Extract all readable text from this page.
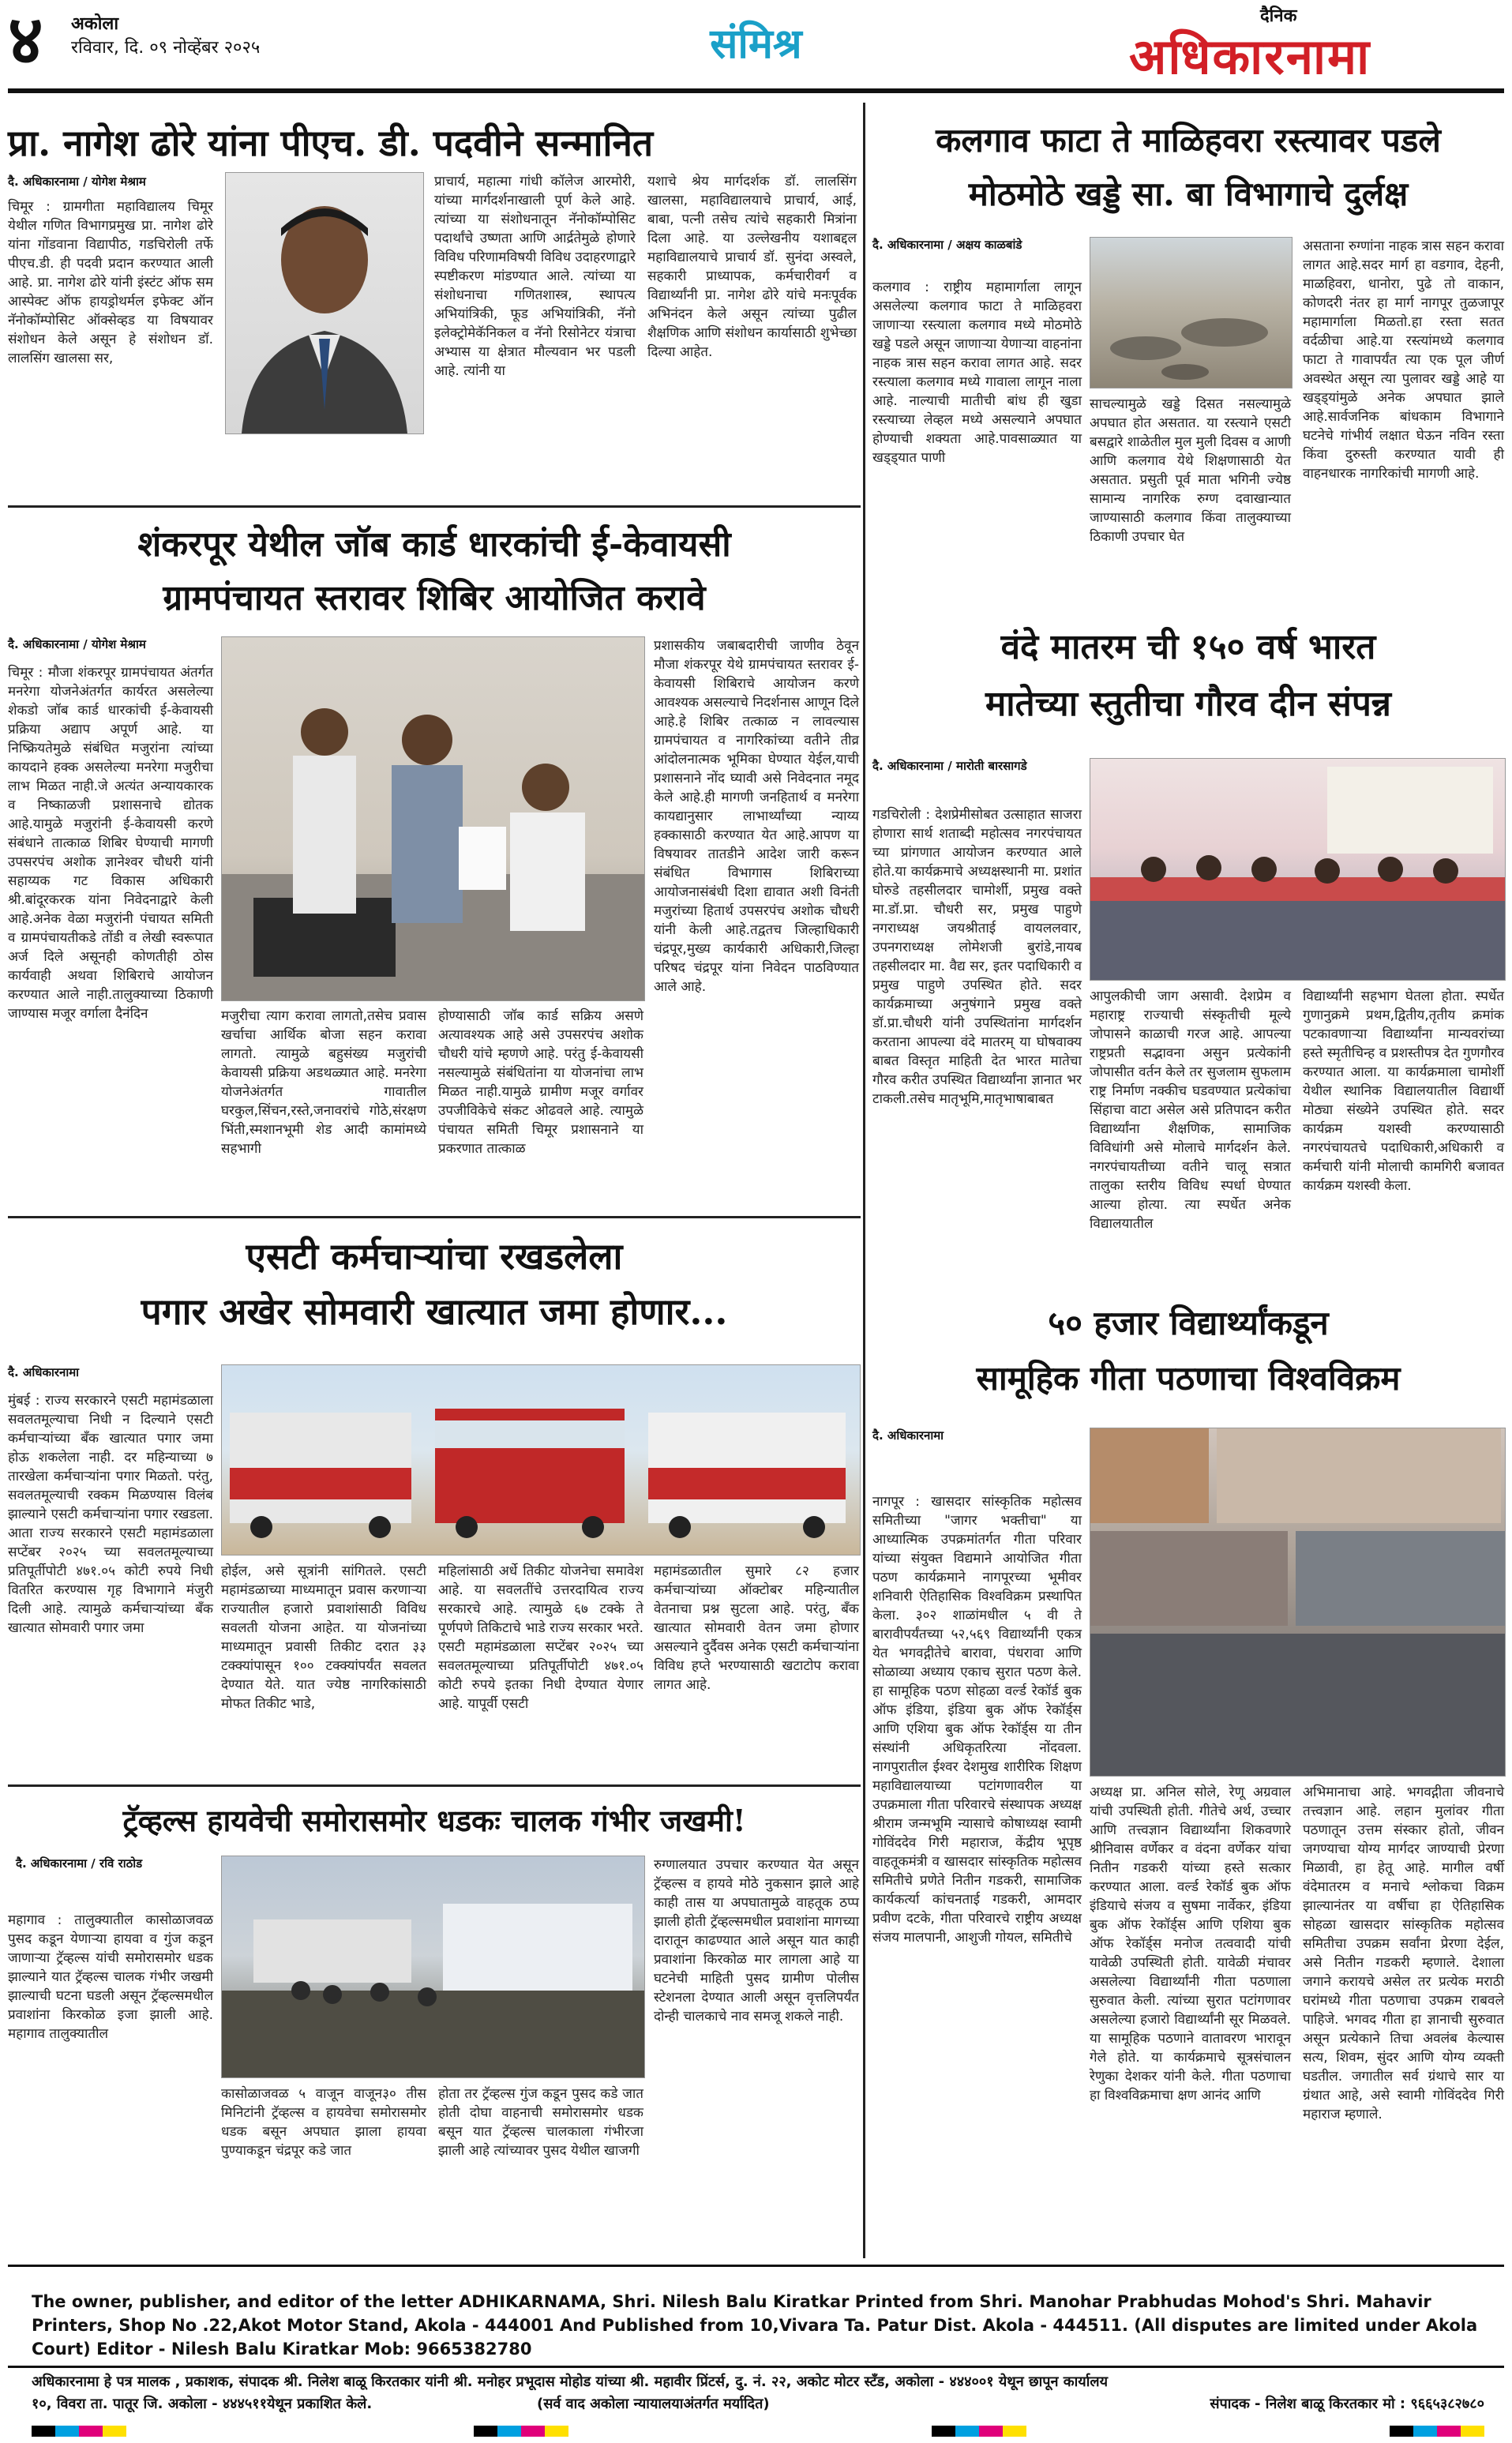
४ अकोला
रविवार, दि. ०९ नोव्हेंबर २०२५	संमिश्र
दैनिक
अधिकारनामा
प्रा. नागेश ढोरे यांना पीएच. डी. पदवीने सन्मानित
दै. अधिकारनामा / योगेश मेश्राम
चिमूर : ग्रामगीता महाविद्यालय चिमूर येथील गणित विभागप्रमुख प्रा. नागेश ढोरे यांना गोंडवाना विद्यापीठ, गडचिरोली तर्फे पीएच.डी. ही पदवी प्रदान करण्यात आली आहे. प्रा. नागेश ढोरे यांनी इंस्टंट ऑफ सम आस्पेक्ट ऑफ हायड्रोथर्मल इफेक्ट ऑन नॅनोकॉम्पोसिट ऑक्सेव्हड या विषयावर संशोधन केले असून हे संशोधन डॉ. लालसिंग खालसा सर,
प्राचार्य, महात्मा गांधी कॉलेज आरमोरी, यांच्या मार्गदर्शनाखाली पूर्ण केले आहे. त्यांच्या या संशोधनातून नॅनोकॉम्पोसिट पदार्थांचे उष्णता आणि आर्द्रतेमुळे होणारे विविध परिणामविषयी विविध उदाहरणाद्वारे स्पष्टीकरण मांडण्यात आले. त्यांच्या या संशोधनाचा गणितशास्त्र, स्थापत्य अभियांत्रिकी, फूड अभियांत्रिकी, नॅनो इलेक्ट्रोमेकॅनिकल व नॅनो रिसोनेटर यंत्राचा अभ्यास या क्षेत्रात मौल्यवान भर पडली आहे. त्यांनी या
यशाचे श्रेय मार्गदर्शक डॉ. लालसिंग खालसा, महाविद्यालयाचे प्राचार्य, आई, बाबा, पत्नी तसेच त्यांचे सहकारी मित्रांना दिला आहे. या उल्लेखनीय यशाबद्दल महाविद्यालयाचे प्राचार्य डॉ. सुनंदा अस्वले, सहकारी प्राध्यापक, कर्मचारीवर्ग व विद्यार्थ्यांनी प्रा. नागेश ढोरे यांचे मनःपूर्वक अभिनंदन केले असून त्यांच्या पुढील शैक्षणिक आणि संशोधन कार्यासाठी शुभेच्छा दिल्या आहेत.
कलगाव फाटा ते माळिहवरा रस्त्यावर पडले
मोठमोठे खड्डे सा. बा विभागाचे दुर्लक्ष
दै. अधिकारनामा / अक्षय काळबांडे
कलगाव : राष्ट्रीय महामार्गाला लागून असलेल्या कलगाव फाटा ते माळिहवरा जाणाऱ्या रस्त्याला कलगाव मध्ये मोठमोठे खड्डे पडले असून जाणाऱ्या येणाऱ्या वाहनांना नाहक त्रास सहन करावा लागत आहे. सदर रस्त्याला कलगाव मध्ये गावाला लागून नाला आहे. नाल्याची मातीची बांध ही खुडा रस्त्याच्या लेव्हल मध्ये असल्याने अपघात होण्याची शक्यता आहे.पावसाळ्यात या खड्ड्यात पाणी
साचल्यामुळे खड्डे दिसत नसल्यामुळे अपघात होत असतात. या रस्त्याने एसटी बसद्वारे शाळेतील मुल मुली दिवस व आणी आणि कलगाव येथे शिक्षणासाठी येत असतात. प्रसुती पूर्व माता भगिनी ज्येष्ठ सामान्य नागरिक रुग्ण दवाखान्यात जाण्यासाठी कलगाव किंवा तालुक्याच्या ठिकाणी उपचार घेत
असताना रुग्णांना नाहक त्रास सहन करावा लागत आहे.सदर मार्ग हा वडगाव, देहनी, माळहिवरा, धानोरा, पुढे तो वाकान, कोणदरी नंतर हा मार्ग नागपूर तुळजापूर महामार्गाला मिळतो.हा रस्ता सतत वर्दळीचा आहे.या रस्त्यांमध्ये कलगाव फाटा ते गावापर्यंत त्या एक पूल जीर्ण अवस्थेत असून त्या पुलावर खड्डे आहे या खड्ड्यांमुळे अनेक अपघात झाले आहे.सार्वजनिक बांधकाम विभागाने घटनेचे गांभीर्य लक्षात घेऊन नविन रस्ता किंवा दुरुस्ती करण्यात यावी ही वाहनधारक नागरिकांची मागणी आहे.
शंकरपूर येथील जॉब कार्ड धारकांची ई-केवायसी
ग्रामपंचायत स्तरावर शिबिर आयोजित करावे
दै. अधिकारनामा / योगेश मेश्राम
चिमूर : मौजा शंकरपूर ग्रामपंचायत अंतर्गत मनरेगा योजनेअंतर्गत कार्यरत असलेल्या शेकडो जॉब कार्ड धारकांची ई-केवायसी प्रक्रिया अद्याप अपूर्ण आहे. या निष्क्रियतेमुळे संबंधित मजुरांना त्यांच्या कायदाने हक्क असलेल्या मनरेगा मजुरीचा लाभ मिळत नाही.जे अत्यंत अन्यायकारक व निष्काळजी प्रशासनाचे द्योतक आहे.यामुळे मजुरांनी ई-केवायसी करणे संबंधाने तात्काळ शिबिर घेण्याची मागणी उपसरपंच अशोक ज्ञानेश्वर चौधरी यांनी सहाय्यक गट विकास अधिकारी श्री.बांदूरकरक यांना निवेदनाद्वारे केली आहे.अनेक वेळा मजुरांनी पंचायत समिती व ग्रामपंचायतीकडे तोंडी व लेखी स्वरूपात अर्ज दिले असूनही कोणतीही ठोस कार्यवाही अथवा शिबिराचे आयोजन करण्यात आले नाही.तालुक्याच्या ठिकाणी जाण्यास मजूर वर्गाला दैनंदिन	मजुरीचा त्याग करावा लागतो,तसेच प्रवास खर्चाचा आर्थिक बोजा सहन करावा लागतो. त्यामुळे बहुसंख्य मजुरांची केवायसी प्रक्रिया अडथळ्यात आहे. मनरेगा योजनेअंतर्गत गावातील घरकुल,सिंचन,रस्ते,जनावरांचे गोठे,संरक्षण भिंती,स्मशानभूमी शेड आदी कामांमध्ये सहभागी
होण्यासाठी जॉब कार्ड सक्रिय असणे अत्यावश्यक आहे असे उपसरपंच अशोक चौधरी यांचे म्हणणे आहे. परंतु ई-केवायसी नसल्यामुळे संबंधितांना या योजनांचा लाभ मिळत नाही.यामुळे ग्रामीण मजूर वर्गावर उपजीविकेचे संकट ओढवले आहे. त्यामुळे पंचायत समिती चिमूर प्रशासनाने या प्रकरणात तात्काळ
प्रशासकीय जबाबदारीची जाणीव ठेवून मौजा शंकरपूर येथे ग्रामपंचायत स्तरावर ई-केवायसी शिबिराचे आयोजन करणे आवश्यक असल्याचे निदर्शनास आणून दिले आहे.हे शिबिर तत्काळ न लावल्यास ग्रामपंचायत व नागरिकांच्या वतीने तीव्र आंदोलनात्मक भूमिका घेण्यात येईल,याची प्रशासनाने नोंद घ्यावी असे निवेदनात नमूद केले आहे.ही मागणी जनहितार्थ व मनरेगा कायद्यानुसार लाभार्थ्यांच्या न्याय्य हक्कासाठी करण्यात येत आहे.आपण या विषयावर तातडीने आदेश जारी करून संबंधित विभागास शिबिराच्या आयोजनासंबंधी दिशा द्यावात अशी विनंती मजुरांच्या हितार्थ उपसरपंच अशोक चौधरी यांनी केली आहे.तद्वतच जिल्हाधिकारी चंद्रपूर,मुख्य कार्यकारी अधिकारी,जिल्हा परिषद चंद्रपूर यांना निवेदन पाठविण्यात आले आहे.
वंदे मातरम ची १५० वर्ष भारत
मातेच्या स्तुतीचा गौरव दीन संपन्न
दै. अधिकारनामा / मारोती बारसागडे
गडचिरोली : देशप्रेमीसोबत उत्साहात साजरा होणारा सार्थ शताब्दी महोत्सव नगरपंचायत च्या प्रांगणात आयोजन करण्यात आले होते.या कार्यक्रमाचे अध्यक्षस्थानी मा. प्रशांत घोरुडे तहसीलदार चामोर्शी, प्रमुख वक्ते मा.डॉ.प्रा. चौधरी सर, प्रमुख पाहुणे नगराध्यक्ष जयश्रीताई वायललवार, उपनगराध्यक्ष लोमेशजी बुरांडे,नायब तहसीलदार मा. वैद्य सर, इतर पदाधिकारी व प्रमुख पाहुणे उपस्थित होते. सदर कार्यक्रमाच्या अनुषंगाने प्रमुख वक्ते डॉ.प्रा.चौधरी यांनी उपस्थितांना मार्गदर्शन करताना आपल्या वंदे मातरम् या घोषवाक्य बाबत विस्तृत माहिती देत भारत मातेचा गौरव करीत उपस्थित विद्यार्थ्यांना ज्ञानात भर टाकली.तसेच मातृभूमि,मातृभाषाबाबत
आपुलकीची जाग असावी. देशप्रेम व महाराष्ट्र राज्याची संस्कृतीची मूल्ये जोपासने काळाची गरज आहे. आपल्या राष्ट्रप्रती सद्भावना असुन प्रत्येकांनी जोपासीत वर्तन केले तर सुजलाम सुफलाम राष्ट्र निर्माण नक्कीच घडवण्यात प्रत्येकांचा सिंहाचा वाटा असेल असे प्रतिपादन करीत विद्यार्थ्यांना शैक्षणिक, सामाजिक विविधांगी असे मोलाचे मार्गदर्शन केले. नगरपंचायतीच्या वतीने चालू सत्रात तालुका स्तरीय विविध स्पर्धा घेण्यात आल्या होत्या. त्या स्पर्धेत अनेक विद्यालयातील
विद्यार्थ्यांनी सहभाग घेतला होता. स्पर्धेत गुणानुक्रमे प्रथम,द्वितीय,तृतीय क्रमांक पटकावणाऱ्या विद्यार्थ्यांना मान्यवरांच्या हस्ते स्मृतीचिन्ह व प्रशस्तीपत्र देत गुणगौरव करण्यात आला. या कार्यक्रमाला चामोर्शी येथील स्थानिक विद्यालयातील विद्यार्थी मोठ्या संख्येने उपस्थित होते. सदर कार्यक्रम यशस्वी करण्यासाठी नगरपंचायतचे पदाधिकारी,अधिकारी व कर्मचारी यांनी मोलाची कामगिरी बजावत कार्यक्रम यशस्वी केला.
एसटी कर्मचाऱ्यांचा रखडलेला
पगार अखेर सोमवारी खात्यात जमा होणार...
दै. अधिकारनामा
मुंबई : राज्य सरकारने एसटी महामंडळाला सवलतमूल्याचा निधी न दिल्याने एसटी कर्मचाऱ्यांच्या बँक खात्यात पगार जमा होऊ शकलेला नाही. दर महिन्याच्या ७ तारखेला कर्मचाऱ्यांना पगार मिळतो. परंतु, सवलतमूल्याची रक्कम मिळण्यास विलंब झाल्याने एसटी कर्मचाऱ्यांना पगार रखडला. आता राज्य सरकारने एसटी महामंडळाला सप्टेंबर २०२५ च्या सवलतमूल्याच्या प्रतिपूर्तीपोटी ४७१.०५ कोटी रुपये निधी वितरित करण्यास गृह विभागाने मंजुरी दिली आहे. त्यामुळे कर्मचाऱ्यांच्या बँक खात्यात सोमवारी पगार जमा
होईल, असे सूत्रांनी सांगितले. एसटी महामंडळाच्या माध्यमातून प्रवास करणाऱ्या राज्यातील हजारो प्रवाशांसाठी विविध सवलती योजना आहेत. या योजनांच्या माध्यमातून प्रवासी तिकीट दरात ३३ टक्क्यांपासून १०० टक्क्यांपर्यंत सवलत देण्यात येते. यात ज्येष्ठ नागरिकांसाठी मोफत तिकीट भाडे,
महिलांसाठी अर्धे तिकीट योजनेचा समावेश आहे. या सवलतींचे उत्तरदायित्व राज्य सरकारचे आहे. त्यामुळे ६७ टक्के ते पूर्णपणे तिकिटाचे भाडे राज्य सरकार भरते. एसटी महामंडळाला सप्टेंबर २०२५ च्या सवलतमूल्याच्या प्रतिपूर्तीपोटी ४७१.०५ कोटी रुपये इतका निधी देण्यात येणार आहे. यापूर्वी एसटी
महामंडळातील सुमारे ८२ हजार कर्मचाऱ्यांच्या ऑक्टोबर महिन्यातील वेतनाचा प्रश्न सुटला आहे. परंतु, बँक खात्यात सोमवारी वेतन जमा होणार असल्याने दुर्दैवस अनेक एसटी कर्मचाऱ्यांना विविध हप्ते भरण्यासाठी खटाटोप करावा लागत आहे.
५० हजार विद्यार्थ्यांकडून
सामूहिक गीता पठणाचा विश्वविक्रम
दै. अधिकारनामा
नागपूर : खासदार सांस्कृतिक महोत्सव समितीच्या "जागर भक्तीचा" या आध्यात्मिक उपक्रमांतर्गत गीता परिवार यांच्या संयुक्त विद्यमाने आयोजित गीता पठण कार्यक्रमाने नागपूरच्या भूमीवर शनिवारी ऐतिहासिक विश्वविक्रम प्रस्थापित केला. ३०२ शाळांमधील ५ वी ते बारावीपर्यंतच्या ५२,५६९ विद्यार्थ्यांनी एकत्र येत भगवद्गीतेचे बारावा, पंधरावा आणि सोळाव्या अध्याय एकाच सुरात पठण केले. हा सामूहिक पठण सोहळा वर्ल्ड रेकॉर्ड बुक ऑफ इंडिया, इंडिया बुक ऑफ रेकॉर्ड्स आणि एशिया बुक ऑफ रेकॉर्ड्स या तीन संस्थांनी अधिकृतरित्या नोंदवला. नागपुरातील ईश्वर देशमुख शारीरिक शिक्षण महाविद्यालयाच्या पटांगणावरील या उपक्रमाला गीता परिवारचे संस्थापक अध्यक्ष श्रीराम जन्मभूमि न्यासाचे कोषाध्यक्ष स्वामी गोविंददेव गिरी महाराज, केंद्रीय भूपृष्ठ वाहतूकमंत्री व खासदार सांस्कृतिक महोत्सव समितीचे प्रणेते नितीन गडकरी, सामाजिक कार्यकर्त्या कांचनताई गडकरी, आमदार प्रवीण दटके, गीता परिवारचे राष्ट्रीय अध्यक्ष संजय मालपानी, आशुजी गोयल, समितीचे
अध्यक्ष प्रा. अनिल सोले, रेणू अग्रवाल यांची उपस्थिती होती. गीतेचे अर्थ, उच्चार आणि तत्त्वज्ञान विद्यार्थ्यांना शिकवणारे श्रीनिवास वर्णेकर व वंदना वर्णेकर यांचा नितीन गडकरी यांच्या हस्ते सत्कार करण्यात आला. वर्ल्ड रेकॉर्ड बुक ऑफ इंडियाचे संजय व सुषमा नार्वेकर, इंडिया बुक ऑफ रेकॉर्ड्स आणि एशिया बुक ऑफ रेकॉर्ड्स मनोज तत्ववादी यांची यावेळी उपस्थिती होती. यावेळी मंचावर असलेल्या विद्यार्थ्यांनी गीता पठणाला सुरुवात केली. त्यांच्या सुरात पटांगणावर असलेल्या हजारो विद्यार्थ्यांनी सूर मिळवले. या सामूहिक पठणाने वातावरण भारावून गेले होते. या कार्यक्रमाचे सूत्रसंचालन रेणुका देशकर यांनी केले. गीता पठणाचा हा विश्वविक्रमाचा क्षण आनंद आणि
अभिमानाचा आहे. भगवद्गीता जीवनाचे तत्त्वज्ञान आहे. लहान मुलांवर गीता पठणातून उत्तम संस्कार होतो, जीवन जगण्याचा योग्य मार्गदर जाण्याची प्रेरणा मिळावी, हा हेतू आहे. मागील वर्षी वंदेमातरम व मनाचे श्लोकचा विक्रम झाल्यानंतर या वर्षीचा हा ऐतिहासिक सोहळा खासदार सांस्कृतिक महोत्सव समितीचा उपक्रम सर्वांना प्रेरणा देईल, असे नितीन गडकरी म्हणाले. देशाला जगाने करायचे असेल तर प्रत्येक मराठी घरांमध्ये गीता पठणाचा उपक्रम राबवले पाहिजे. भगवद गीता हा ज्ञानाची सुरुवात असून प्रत्येकाने तिचा अवलंब केल्यास सत्य, शिवम, सुंदर आणि योग्य व्यक्ती घडतील. जगातील सर्व ग्रंथाचे सार या ग्रंथात आहे, असे स्वामी गोविंददेव गिरी महाराज म्हणाले.
ट्रॅव्हल्स हायवेची समोरासमोर धडकः चालक गंभीर जखमी!
दै. अधिकारनामा / रवि राठोड
महागाव : तालुक्यातील कासोळाजवळ पुसद कडून येणाऱ्या हायवा व गुंज कडून जाणाऱ्या ट्रॅव्हल्स यांची समोरासमोर धडक झाल्याने यात ट्रॅव्हल्स चालक गंभीर जखमी झाल्याची घटना घडली असून ट्रॅव्हल्समधील प्रवाशांना किरकोळ इजा झाली आहे. महागाव तालुक्यातील
कासोळाजवळ ५ वाजून वाजून३० तीस मिनिटांनी ट्रॅव्हल्स व हायवेचा समोरासमोर धडक बसून अपघात झाला हायवा पुण्याकडून चंद्रपूर कडे जात
होता तर ट्रॅव्हल्स गुंज कडून पुसद कडे जात होती दोघा वाहनाची समोरासमोर धडक बसून यात ट्रॅव्हल्स चालकाला गंभीरजा झाली आहे त्यांच्यावर पुसद येथील खाजगी
रुग्णालयात उपचार करण्यात येत असून ट्रॅव्हल्स व हायवे मोठे नुकसान झाले आहे काही तास या अपघातामुळे वाहतूक ठप्प झाली होती ट्रॅव्हल्समधील प्रवाशांना मागच्या दारातून काढण्यात आले असून यात काही प्रवाशांना किरकोळ मार लागला आहे या घटनेची माहिती पुसद ग्रामीण पोलीस स्टेशनला देण्यात आली असून वृत्तलिपर्यंत दोन्ही चालकाचे नाव समजू शकले नाही.
The owner, publisher, and editor of the letter ADHIKARNAMA, Shri. Nilesh Balu Kiratkar Printed from Shri. Manohar Prabhudas Mohod's Shri. Mahavir Printers, Shop No .22,Akot Motor Stand, Akola - 444001 And Published from 10,Vivara Ta. Patur Dist. Akola - 444511. (All disputes are limited under Akola Court) Editor - Nilesh Balu Kiratkar Mob: 9665382780
अधिकारनामा हे पत्र मालक , प्रकाशक, संपादक श्री. निलेश बाळू किरतकार यांनी श्री. मनोहर प्रभूदास मोहोड यांच्या श्री. महावीर प्रिंटर्स, दु. नं. २२, अकोट मोटर स्टँड, अकोला - ४४४००१ येथून छापून कार्यालय
१०, विवरा ता. पातूर जि. अकोला - ४४४५११येथून प्रकाशित केले.	(सर्व वाद अकोला न्यायालयाअंतर्गत मर्यादित)	संपादक - निलेश बाळू किरतकार मो : ९६६५३८२७८०
